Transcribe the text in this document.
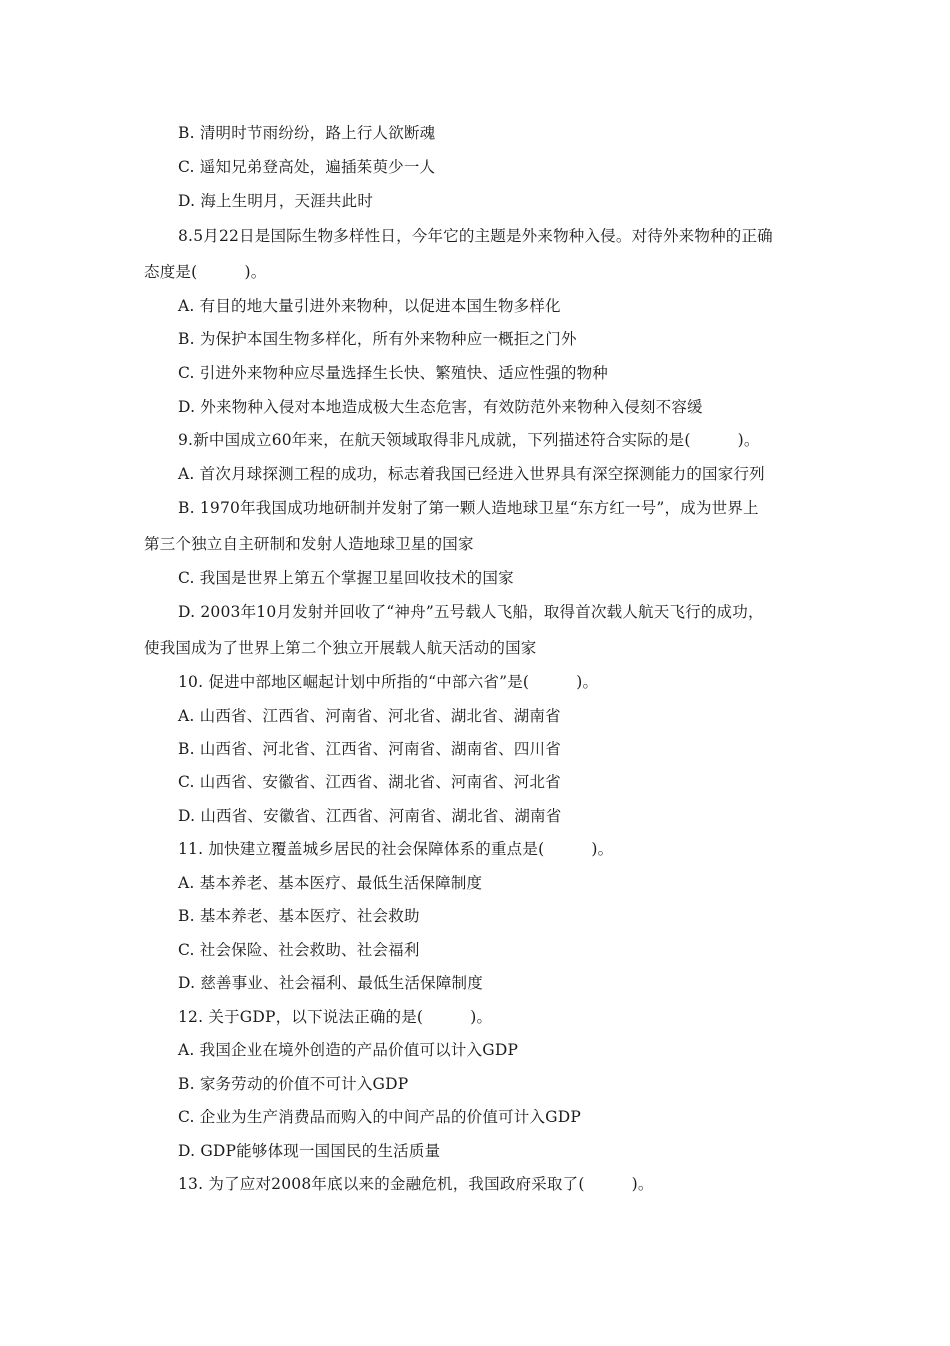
B. 清明时节雨纷纷，路上行人欲断魂
C. 遥知兄弟登高处，遍插茱萸少一人
D. 海上生明月，天涯共此时
8.5月22日是国际生物多样性日，今年它的主题是外来物种入侵。对待外来物种的正确
态度是(　　　)。
A. 有目的地大量引进外来物种，以促进本国生物多样化
B. 为保护本国生物多样化，所有外来物种应一概拒之门外
C. 引进外来物种应尽量选择生长快、繁殖快、适应性强的物种
D. 外来物种入侵对本地造成极大生态危害，有效防范外来物种入侵刻不容缓
9.新中国成立60年来，在航天领域取得非凡成就，下列描述符合实际的是(　　　)。
A. 首次月球探测工程的成功，标志着我国已经进入世界具有深空探测能力的国家行列
B. 1970年我国成功地研制并发射了第一颗人造地球卫星“东方红一号”，成为世界上
第三个独立自主研制和发射人造地球卫星的国家
C. 我国是世界上第五个掌握卫星回收技术的国家
D. 2003年10月发射并回收了“神舟”五号载人飞船，取得首次载人航天飞行的成功，
使我国成为了世界上第二个独立开展载人航天活动的国家
10. 促进中部地区崛起计划中所指的“中部六省”是(　　　)。
A. 山西省、江西省、河南省、河北省、湖北省、湖南省
B. 山西省、河北省、江西省、河南省、湖南省、四川省
C. 山西省、安徽省、江西省、湖北省、河南省、河北省
D. 山西省、安徽省、江西省、河南省、湖北省、湖南省
11. 加快建立覆盖城乡居民的社会保障体系的重点是(　　　)。
A. 基本养老、基本医疗、最低生活保障制度
B. 基本养老、基本医疗、社会救助
C. 社会保险、社会救助、社会福利
D. 慈善事业、社会福利、最低生活保障制度
12. 关于GDP，以下说法正确的是(　　　)。
A. 我国企业在境外创造的产品价值可以计入GDP
B. 家务劳动的价值不可计入GDP
C. 企业为生产消费品而购入的中间产品的价值可计入GDP
D. GDP能够体现一国国民的生活质量
13. 为了应对2008年底以来的金融危机，我国政府采取了(　　　)。
